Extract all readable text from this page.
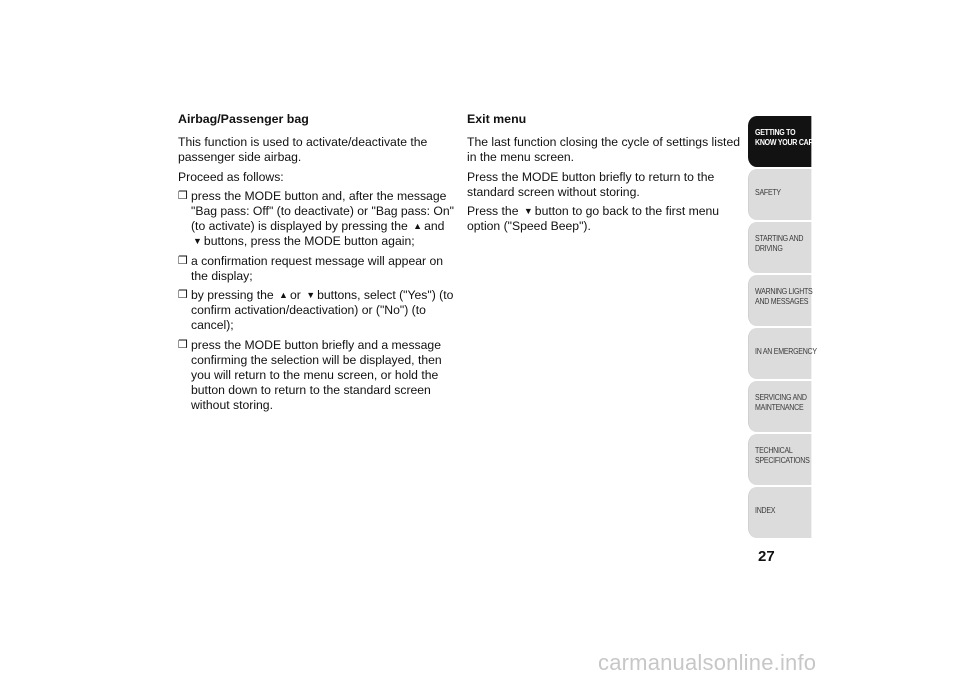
Airbag/Passenger bag
This function is used to activate/deactivate the passenger side airbag.
Proceed as follows:
❒ press the MODE button and, after the message "Bag pass: Off" (to deactivate) or "Bag pass: On" (to activate) is displayed by pressing the ▲ and ▼ buttons, press the MODE button again;
❒ a confirmation request message will appear on the display;
❒ by pressing the ▲ or ▼ buttons, select ("Yes") (to confirm activation/deactivation) or ("No") (to cancel);
❒ press the MODE button briefly and a message confirming the selection will be displayed, then you will return to the menu screen, or hold the button down to return to the standard screen without storing.
Exit menu
The last function closing the cycle of settings listed in the menu screen.
Press the MODE button briefly to return to the standard screen without storing.
Press the ▼ button to go back to the first menu option ("Speed Beep").
GETTING TO
KNOW YOUR CAR
SAFETY
STARTING AND
DRIVING
WARNING LIGHTS
AND MESSAGES
IN AN EMERGENCY
SERVICING AND
MAINTENANCE
TECHNICAL
SPECIFICATIONS
INDEX
27
carmanualsonline.info
